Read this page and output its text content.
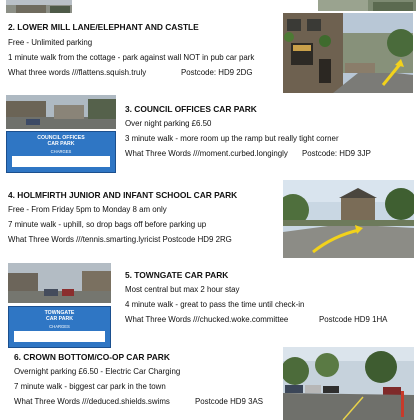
2. LOWER MILL LANE/ELEPHANT AND CASTLE
Free - Unlimited parking
1 minute walk from the cottage - park against wall NOT in pub car park
What three words ///flattens.squish.truly	Postcode: HD9 2DG
COUNCIL OFFICES
CAR PARK
CHARGES
3. COUNCIL OFFICES CAR PARK
Over night parking £6.50
3 minute walk - more room up the ramp but really tight corner
What Three Words ///moment.curbed.longingly Postcode: HD9 3JP
4. HOLMFIRTH JUNIOR AND INFANT SCHOOL CAR PARK
Free - From Friday 5pm to Monday 8 am only
7 minute walk - uphill, so drop bags off before parking up
What Three Words ///tennis.smarting.lyricist Postcode HD9 2RG
TOWNGATE
CAR PARK
CHARGES
5. TOWNGATE CAR PARK
Most central but max 2 hour stay
4 minute walk - great to pass the time until check-in
What Three Words ///chucked.woke.committee	Postcode HD9 1HA
6. CROWN BOTTOM/CO-OP CAR PARK
Overnight parking £6.50 - Electric Car Charging
7 minute walk - biggest car park in the town
What Three Words ///deduced.shields.swims	Postcode HD9 3AS
